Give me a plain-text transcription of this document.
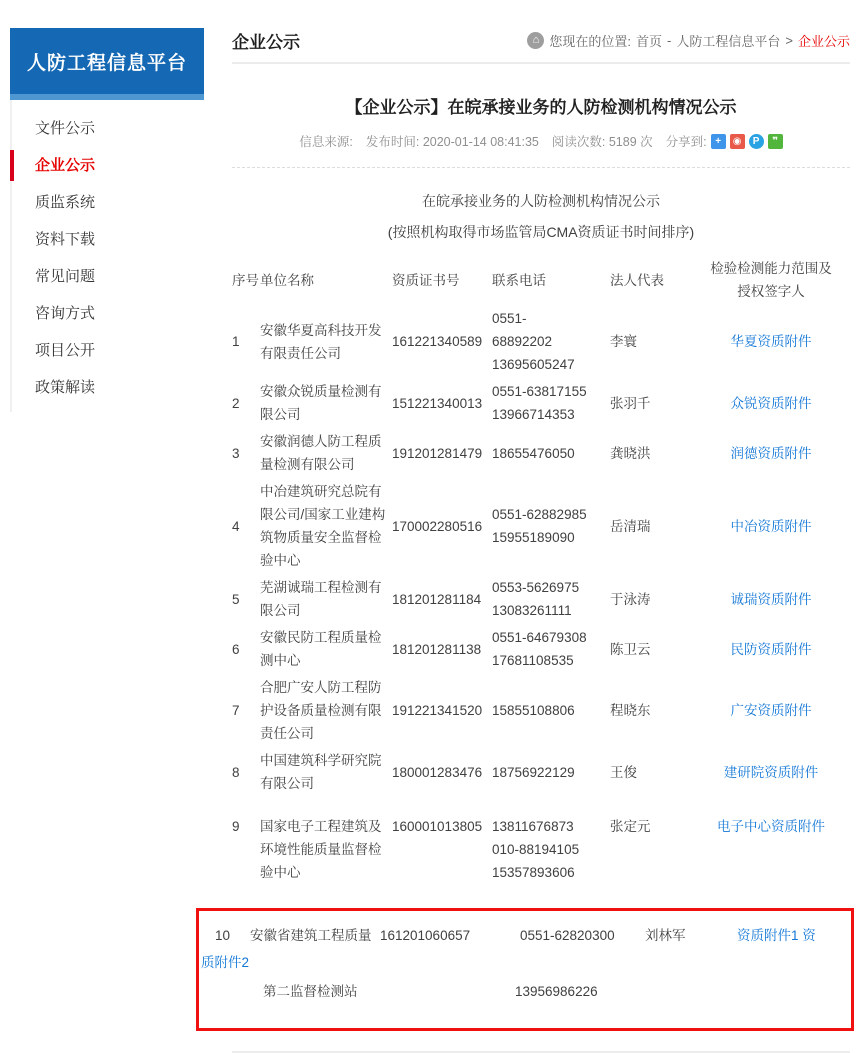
人防工程信息平台
文件公示
企业公示
质监系统
资料下载
常见问题
咨询方式
项目公开
政策解读
企业公示	⌂ 您现在的位置: 首页 - 人防工程信息平台 > 企业公示
【企业公示】在皖承接业务的人防检测机构情况公示
信息来源: 发布时间: 2020-01-14 08:41:35 阅读次数: 5189 次 分享到: +	◉	P	❞
在皖承接业务的人防检测机构情况公示
(按照机构取得市场监管局CMA资质证书时间排序)
序号	单位名称	资质证书号	联系电话	法人代表	检验检测能力范围及
授权签字人

1	安徽华夏高科技开发有限责任公司	161221340589	0551-
68892202
13695605247	李寰	华夏资质附件
2	安徽众锐质量检测有限公司	151221340013	0551-63817155
13966714353	张羽千	众锐资质附件
3	安徽润德人防工程质量检测有限公司	191201281479	18655476050	龚晓洪	润德资质附件
4	中冶建筑研究总院有限公司/国家工业建构筑物质量安全监督检验中心	170002280516	0551-62882985
15955189090	岳清瑞	中冶资质附件
5	芜湖诚瑞工程检测有限公司	181201281184	0553-5626975
13083261111	于泳涛	诚瑞资质附件
6	安徽民防工程质量检测中心	181201281138	0551-64679308
17681108535	陈卫云	民防资质附件
7	合肥广安人防工程防护设备质量检测有限责任公司	191221341520	15855108806	程晓东	广安资质附件
8	中国建筑科学研究院有限公司	180001283476	18756922129	王俊	建研院资质附件
9	国家电子工程建筑及环境性能质量监督检验中心	160001013805	13811676873
010-88194105
15357893606	张定元	电子中心资质附件
10	安徽省建筑工程质量 161201060657	0551-62820300	刘林军	资质附件1 资
质附件2
第二监督检测站	13956986226
